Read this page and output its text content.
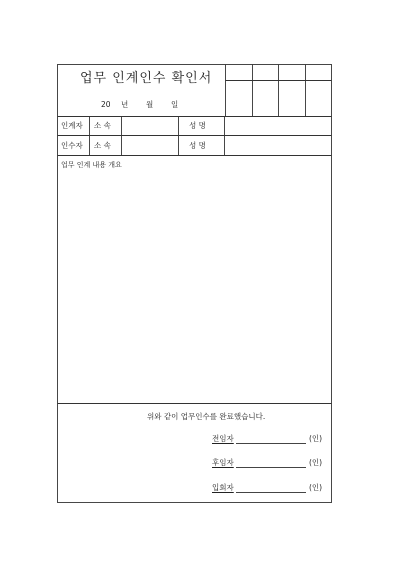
업무 인계인수 확인서
20 년 월 일
인계자 소 속	성 명
인수자 소 속	성 명
업무 인계 내용 개요
위와 같이 업무인수를 완료했습니다.
전임자	(인)
후임자	(인)
입회자	(인)
